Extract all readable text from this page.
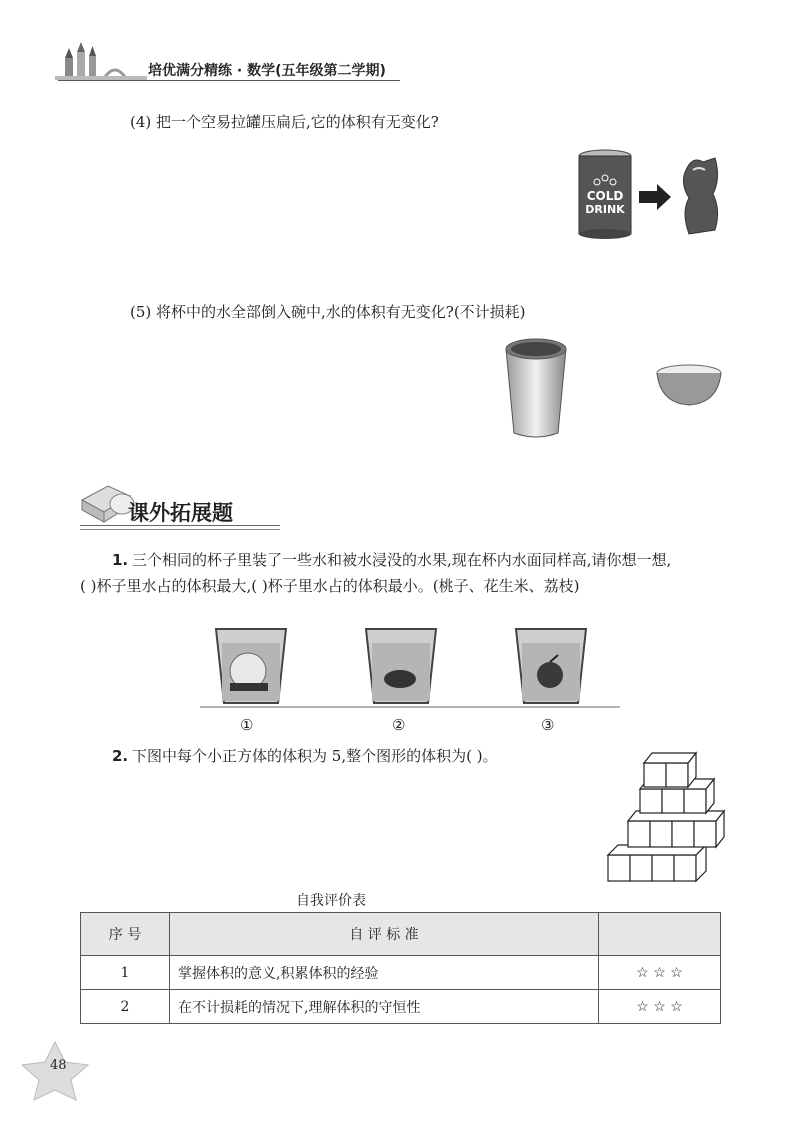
培优满分精练 · 数学(五年级第二学期)
(4) 把一个空易拉罐压扁后,它的体积有无变化?
COLD
DRINK
(5) 将杯中的水全部倒入碗中,水的体积有无变化?(不计损耗)
课外拓展题
1. 三个相同的杯子里装了一些水和被水浸没的水果,现在杯内水面同样高,请你想一想,
( )杯子里水占的体积最大,( )杯子里水占的体积最小。(桃子、花生米、荔枝)
①	②	③
2. 下图中每个小正方体的体积为 5,整个图形的体积为( )。
自我评价表
序 号	自 评 标 准	
1	掌握体积的意义,积累体积的经验	☆ ☆ ☆
2	在不计损耗的情况下,理解体积的守恒性	☆ ☆ ☆
48
